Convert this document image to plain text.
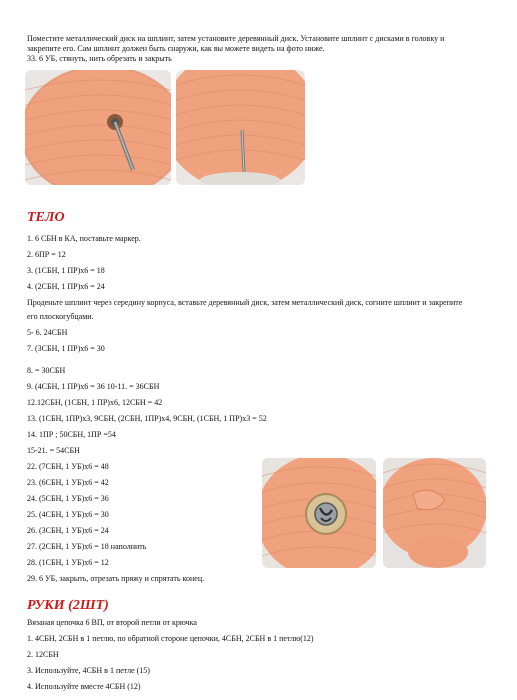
Поместите металлический диск на шплинт, затем установите деревянный диск. Установите шплинт с дисками в головку и
закрепите его. Сам шплинт должен быть снаружи, как вы можете видеть на фото ниже.
33. 6 УБ, стянуть, нить обрезать и закрыть
ТЕЛО
1. 6 СБН в КА, поставьте маркер.
2. 6ПР = 12
3. (1СБН, 1 ПР)х6 = 18
4. (2СБН, 1 ПР)х6 = 24
Проденьте шплинт через середину корпуса, вставьте деревянный диск, затем металлический диск, согните шплинт и закрепите
его плоскогубцами.
5- 6. 24СБН
7. (3СБН, 1 ПР)х6 = 30
8. = 30СБН
9. (4СБН, 1 ПР)х6 = 36 10-11. = 36СБН
12.12СБН, (1СБН, 1 ПР)х6, 12СБН = 42
13. (1СБН, 1ПР)х3, 9СБН, (2СБН, 1ПР)х4, 9СБН, (1СБН, 1 ПР)х3 = 52
14. 1ПР ; 50СБН, 1ПР =54
15-21. = 54СБН
22. (7СБН, 1 УБ)х6 = 48
23. (6СБН, 1 УБ)х6 = 42
24. (5СБН, 1 УБ)х6 = 36
25. (4СБН, 1 УБ)х6 = 30
26. (3СБН, 1 УБ)х6 = 24
27. (2СБН, 1 УБ)х6 = 18 наполнить
28. (1СБН, 1 УБ)х6 = 12
29. 6 УБ, закрыть, отрезать пряжу и спрятать конец.
РУКИ (2ШТ)
Вязаная цепочка 6 ВП, от второй петли от крючка
1. 4СБН, 2СБН в 1 петлю, по обратной стороне цепочки, 4СБН, 2СБН в 1 петлю(12)
2. 12СБН
3. Используйте, 4СБН в 1 петле (15)
4. Используйте вместе 4СБН (12)
